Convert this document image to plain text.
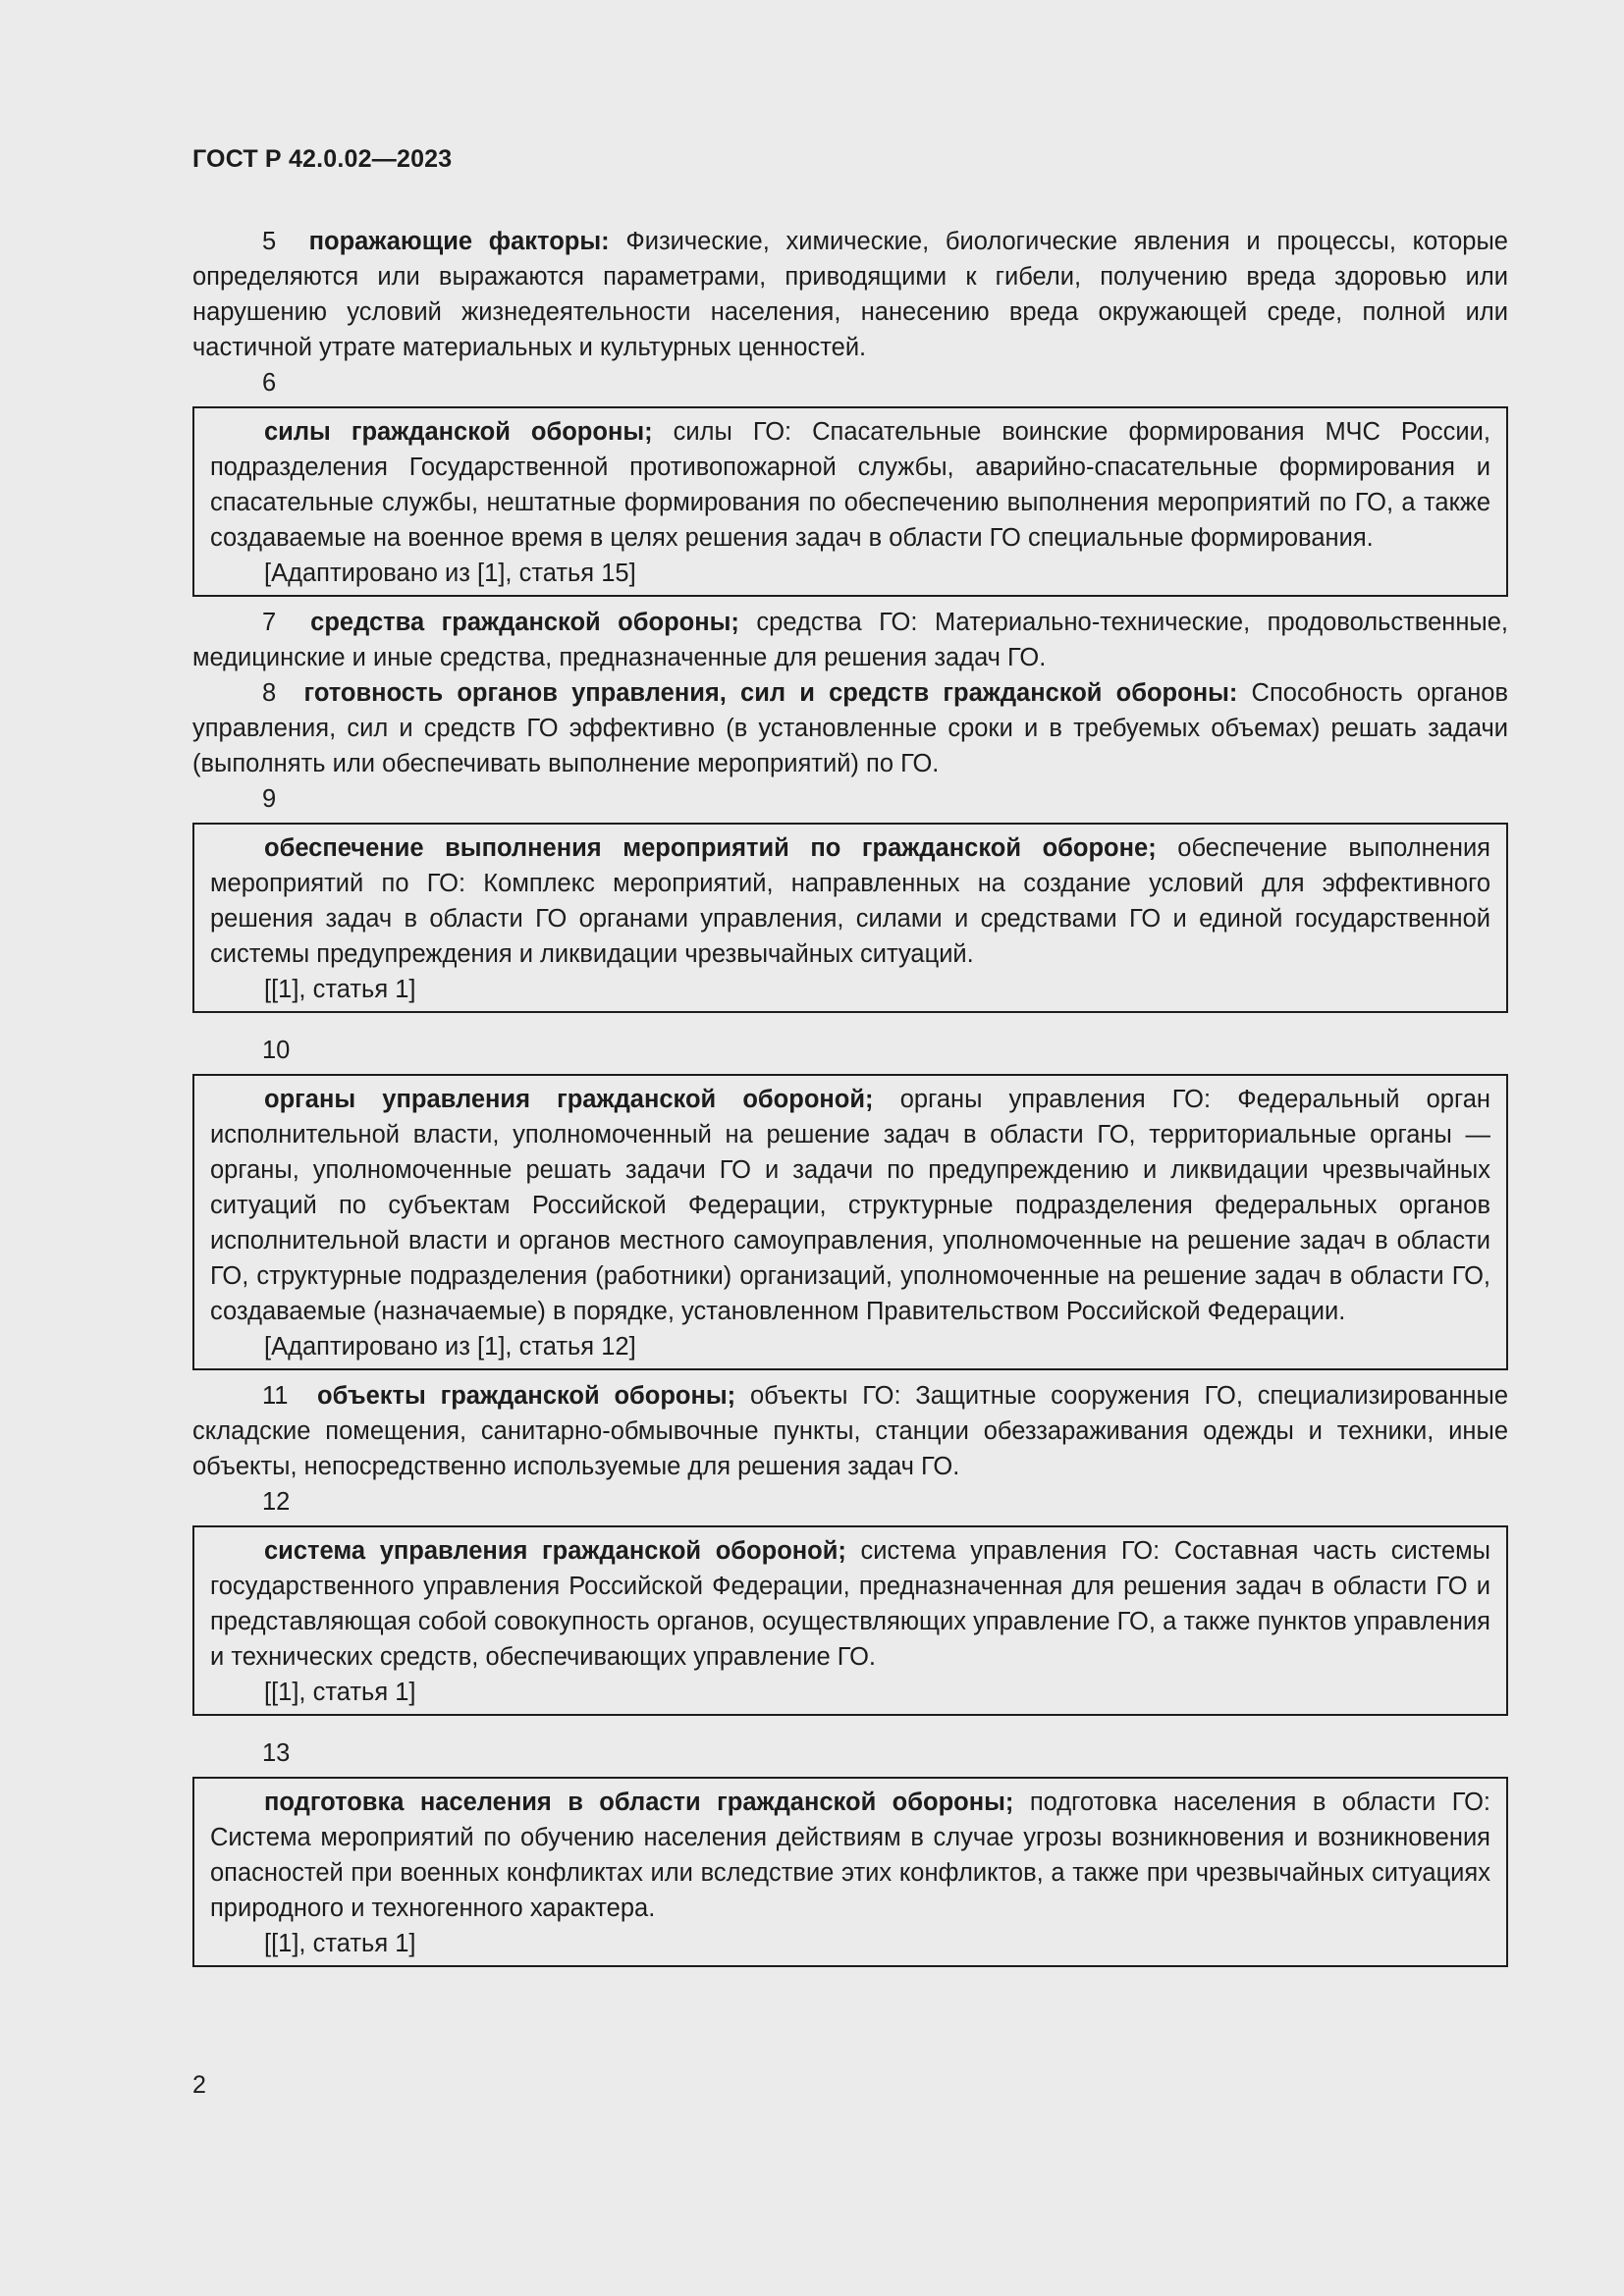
ГОСТ Р 42.0.02—2023

5 поражающие факторы: Физические, химические, биологические явления и процессы, которые определяются или выражаются параметрами, приводящими к гибели, получению вреда здоровью или нарушению условий жизнедеятельности населения, нанесению вреда окружающей среде, полной или частичной утрате материальных и культурных ценностей.

6

силы гражданской обороны; силы ГО: Спасательные воинские формирования МЧС России, подразделения Государственной противопожарной службы, аварийно-спасательные формирования и спасательные службы, нештатные формирования по обеспечению выполнения мероприятий по ГО, а также создаваемые на военное время в целях решения задач в области ГО специальные формирования.

[Адаптировано из [1], статья 15]

7 средства гражданской обороны; средства ГО: Материально-технические, продовольственные, медицинские и иные средства, предназначенные для решения задач ГО.

8 готовность органов управления, сил и средств гражданской обороны: Способность органов управления, сил и средств ГО эффективно (в установленные сроки и в требуемых объемах) решать задачи (выполнять или обеспечивать выполнение мероприятий) по ГО.

9

обеспечение выполнения мероприятий по гражданской обороне; обеспечение выполнения мероприятий по ГО: Комплекс мероприятий, направленных на создание условий для эффективного решения задач в области ГО органами управления, силами и средствами ГО и единой государственной системы предупреждения и ликвидации чрезвычайных ситуаций.

[[1], статья 1]

10

органы управления гражданской обороной; органы управления ГО: Федеральный орган исполнительной власти, уполномоченный на решение задач в области ГО, территориальные органы — органы, уполномоченные решать задачи ГО и задачи по предупреждению и ликвидации чрезвычайных ситуаций по субъектам Российской Федерации, структурные подразделения федеральных органов исполнительной власти и органов местного самоуправления, уполномоченные на решение задач в области ГО, структурные подразделения (работники) организаций, уполномоченные на решение задач в области ГО, создаваемые (назначаемые) в порядке, установленном Правительством Российской Федерации.

[Адаптировано из [1], статья 12]

11 объекты гражданской обороны; объекты ГО: Защитные сооружения ГО, специализированные складские помещения, санитарно-обмывочные пункты, станции обеззараживания одежды и техники, иные объекты, непосредственно используемые для решения задач ГО.

12

система управления гражданской обороной; система управления ГО: Составная часть системы государственного управления Российской Федерации, предназначенная для решения задач в области ГО и представляющая собой совокупность органов, осуществляющих управление ГО, а также пунктов управления и технических средств, обеспечивающих управление ГО.

[[1], статья 1]

13

подготовка населения в области гражданской обороны; подготовка населения в области ГО: Система мероприятий по обучению населения действиям в случае угрозы возникновения и возникновения опасностей при военных конфликтах или вследствие этих конфликтов, а также при чрезвычайных ситуациях природного и техногенного характера.

[[1], статья 1]

2
